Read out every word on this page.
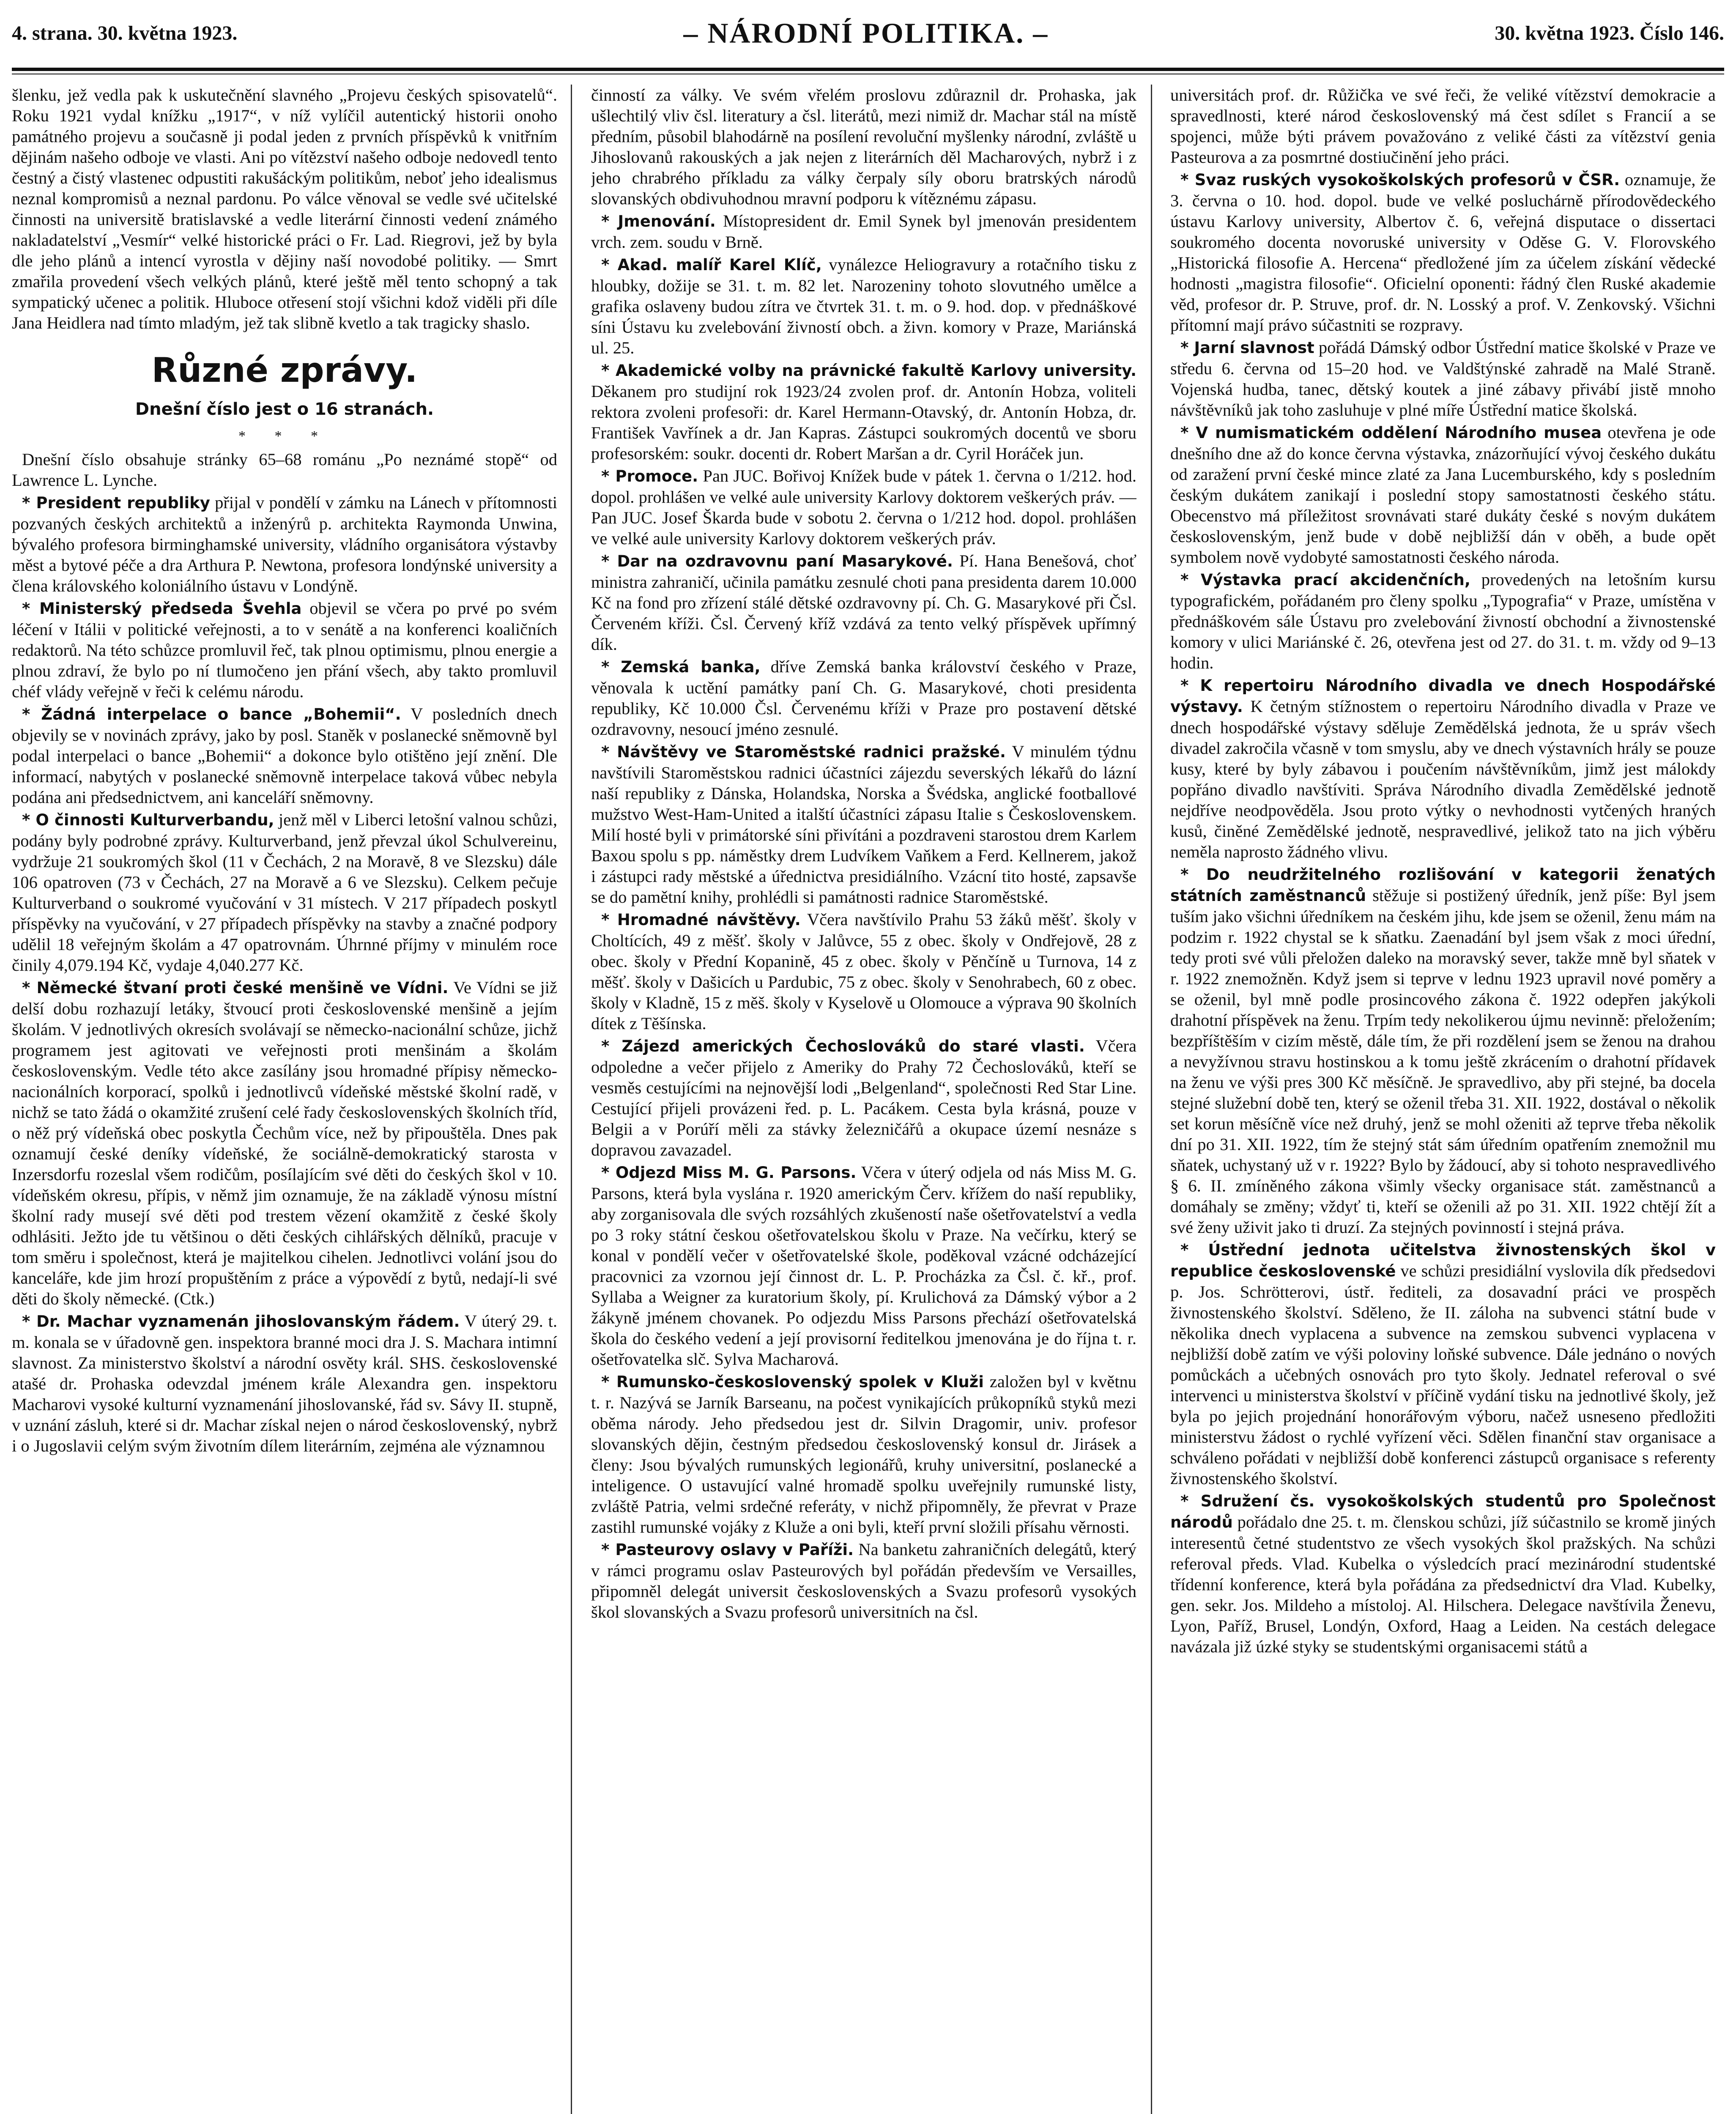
4. strana. 30. května 1923.	– NÁRODNÍ POLITIKA. –	30. května 1923. Číslo 146.

šlenku, jež vedla pak k uskutečnění slavného „Projevu českých spisovatelů“. Roku 1921 vydal knížku „1917“, v níž vylíčil autentický historii onoho památného projevu a současně ji podal jeden z prvních příspěvků k vnitřním dějinám našeho odboje ve vlasti. Ani po vítězství našeho odboje nedovedl tento čestný a čistý vlastenec odpustiti rakušáckým politikům, neboť jeho idealismus neznal kompromisů a neznal pardonu. Po válce věnoval se vedle své učitelské činnosti na universitě bratislavské a vedle literární činnosti vedení známého nakladatelství „Vesmír“ velké historické práci o Fr. Lad. Riegrovi, jež by byla dle jeho plánů a intencí vyrostla v dějiny naší novodobé politiky. — Smrt zmařila provedení všech velkých plánů, které ještě měl tento schopný a tak sympatický učenec a politik. Hluboce otřesení stojí všichni kdož viděli při díle Jana Heidlera nad tímto mladým, jež tak slibně kvetlo a tak tragicky shaslo.

Různé zprávy.
Dnešní číslo jest o 16 stranách.
* * *

Dnešní číslo obsahuje stránky 65–68 románu „Po neznámé stopě“ od Lawrence L. Lynche.

* President republiky přijal v pondělí v zámku na Lánech v přítomnosti pozvaných českých architektů a inženýrů p. architekta Raymonda Unwina, bývalého profesora birminghamské university, vládního organisátora výstavby měst a bytové péče a dra Arthura P. Newtona, profesora londýnské university a člena královského koloniálního ústavu v Londýně.

* Ministerský předseda Švehla objevil se včera po prvé po svém léčení v Itálii v politické veřejnosti, a to v senátě a na konferenci koaličních redaktorů. Na této schůzce promluvil řeč, tak plnou optimismu, plnou energie a plnou zdraví, že bylo po ní tlumočeno jen přání všech, aby takto promluvil chéf vlády veřejně v řeči k celému národu.

* Žádná interpelace o bance „Bohemii“. V posledních dnech objevily se v novinách zprávy, jako by posl. Staněk v poslanecké sněmovně byl podal interpelaci o bance „Bohemii“ a dokonce bylo otištěno její znění. Dle informací, nabytých v poslanecké sněmovně interpelace taková vůbec nebyla podána ani předsednictvem, ani kanceláří sněmovny.

* O činnosti Kulturverbandu, jenž měl v Liberci letošní valnou schůzi, podány byly podrobné zprávy. Kulturverband, jenž převzal úkol Schulvereinu, vydržuje 21 soukromých škol (11 v Čechách, 2 na Moravě, 8 ve Slezsku) dále 106 opatroven (73 v Čechách, 27 na Moravě a 6 ve Slezsku). Celkem pečuje Kulturverband o soukromé vyučování v 31 místech. V 217 případech poskytl příspěvky na vyučování, v 27 případech příspěvky na stavby a značné podpory udělil 18 veřejným školám a 47 opatrovnám. Úhrnné příjmy v minulém roce činily 4,079.194 Kč, vydaje 4,040.277 Kč.

* Německé štvaní proti české menšině ve Vídni. Ve Vídni se již delší dobu rozhazují letáky, štvoucí proti československé menšině a jejím školám. V jednotlivých okresích svolávají se německo-nacionální schůze, jichž programem jest agitovati ve veřejnosti proti menšinám a školám československým. Vedle této akce zasílány jsou hromadné přípisy německo-nacionálních korporací, spolků i jednotlivců vídeňské městské školní radě, v nichž se tato žádá o okamžité zrušení celé řady československých školních tříd, o něž prý vídeňská obec poskytla Čechům více, než by připouštěla. Dnes pak oznamují české deníky vídeňské, že sociálně-demokratický starosta v Inzersdorfu rozeslal všem rodičům, posílajícím své děti do českých škol v 10. vídeňském okresu, přípis, v němž jim oznamuje, že na základě výnosu místní školní rady musejí své děti pod trestem vězení okamžitě z české školy odhlásiti. Ježto jde tu většinou o děti českých cihlářských dělníků, pracuje v tom směru i společnost, která je majitelkou cihelen. Jednotlivci volání jsou do kanceláře, kde jim hrozí propuštěním z práce a výpovědí z bytů, nedají-li své děti do školy německé. (Ctk.)

* Dr. Machar vyznamenán jihoslovanským řádem. V úterý 29. t. m. konala se v úřadovně gen. inspektora branné moci dra J. S. Machara intimní slavnost. Za ministerstvo školství a národní osvěty král. SHS. československé atašé dr. Prohaska odevzdal jménem krále Alexandra gen. inspektoru Macharovi vysoké kulturní vyznamenání jihoslovanské, řád sv. Sávy II. stupně, v uznání zásluh, které si dr. Machar získal nejen o národ československý, nybrž i o Jugoslavii celým svým životním dílem literárním, zejména ale významnou

činností za války. Ve svém vřelém proslovu zdůraznil dr. Prohaska, jak ušlechtilý vliv čsl. literatury a čsl. literátů, mezi nimiž dr. Machar stál na místě předním, působil blahodárně na posílení revoluční myšlenky národní, zvláště u Jihoslovanů rakouských a jak nejen z literárních děl Macharových, nybrž i z jeho chrabrého příkladu za války čerpaly síly oboru bratrských národů slovanských obdivuhodnou mravní podporu k vítěznému zápasu.

* Jmenování. Místopresident dr. Emil Synek byl jmenován presidentem vrch. zem. soudu v Brně.

* Akad. malíř Karel Klíč, vynálezce Heliogravury a rotačního tisku z hloubky, dožije se 31. t. m. 82 let. Narozeniny tohoto slovutného umělce a grafika oslaveny budou zítra ve čtvrtek 31. t. m. o 9. hod. dop. v přednáškové síni Ústavu ku zvelebování živností obch. a živn. komory v Praze, Mariánská ul. 25.

* Akademické volby na právnické fakultě Karlovy university. Děkanem pro studijní rok 1923/24 zvolen prof. dr. Antonín Hobza, voliteli rektora zvoleni profesoři: dr. Karel Hermann-Otavský, dr. Antonín Hobza, dr. František Vavřínek a dr. Jan Kapras. Zástupci soukromých docentů ve sboru profesorském: soukr. docenti dr. Robert Maršan a dr. Cyril Horáček jun.

* Promoce. Pan JUC. Bořivoj Knížek bude v pátek 1. června o 1/212. hod. dopol. prohlášen ve velké aule university Karlovy doktorem veškerých práv. — Pan JUC. Josef Škarda bude v sobotu 2. června o 1/212 hod. dopol. prohlášen ve velké aule university Karlovy doktorem veškerých práv.

* Dar na ozdravovnu paní Masarykové. Pí. Hana Benešová, choť ministra zahraničí, učinila památku zesnulé choti pana presidenta darem 10.000 Kč na fond pro zřízení stálé dětské ozdravovny pí. Ch. G. Masarykové při Čsl. Červeném kříži. Čsl. Červený kříž vzdává za tento velký příspěvek upřímný dík.

* Zemská banka, dříve Zemská banka království českého v Praze, věnovala k uctění památky paní Ch. G. Masarykové, choti presidenta republiky, Kč 10.000 Čsl. Červenému kříži v Praze pro postavení dětské ozdravovny, nesoucí jméno zesnulé.

* Návštěvy ve Staroměstské radnici pražské. V minulém týdnu navštívili Staroměstskou radnici účastníci zájezdu severských lékařů do lázní naší republiky z Dánska, Holandska, Norska a Švédska, anglické footballové mužstvo West-Ham-United a italští účastníci zápasu Italie s Československem. Milí hosté byli v primátorské síni přivítáni a pozdraveni starostou drem Karlem Baxou spolu s pp. náměstky drem Ludvíkem Vaňkem a Ferd. Kellnerem, jakož i zástupci rady městské a úřednictva presidiálního. Vzácní tito hosté, zapsavše se do pamětní knihy, prohlédli si památnosti radnice Staroměstské.

* Hromadné návštěvy. Včera navštívilo Prahu 53 žáků měšť. školy v Choltících, 49 z měšť. školy v Jalůvce, 55 z obec. školy v Ondřejově, 28 z obec. školy v Přední Kopanině, 45 z obec. školy v Pěnčíně u Turnova, 14 z měšť. školy v Dašicích u Pardubic, 75 z obec. školy v Senohrabech, 60 z obec. školy v Kladně, 15 z měš. školy v Kyselově u Olomouce a výprava 90 školních dítek z Těšínska.

* Zájezd amerických Čechoslováků do staré vlasti. Včera odpoledne a večer přijelo z Ameriky do Prahy 72 Čechoslováků, kteří se vesměs cestujícími na nejnovější lodi „Belgenland“, společnosti Red Star Line. Cestující přijeli provázeni řed. p. L. Pacákem. Cesta byla krásná, pouze v Belgii a v Porúří měli za stávky železničářů a okupace území nesnáze s dopravou zavazadel.

* Odjezd Miss M. G. Parsons. Včera v úterý odjela od nás Miss M. G. Parsons, která byla vyslána r. 1920 americkým Červ. křížem do naší republiky, aby zorganisovala dle svých rozsáhlých zkušeností naše ošetřovatelství a vedla po 3 roky státní českou ošetřovatelskou školu v Praze. Na večírku, který se konal v pondělí večer v ošetřovatelské škole, poděkoval vzácné odcházející pracovnici za vzornou její činnost dr. L. P. Procházka za Čsl. č. kř., prof. Syllaba a Weigner za kuratorium školy, pí. Krulichová za Dámský výbor a 2 žákyně jménem chovanek. Po odjezdu Miss Parsons přechází ošetřovatelská škola do českého vedení a její provisorní ředitelkou jmenována je do října t. r. ošetřovatelka slč. Sylva Macharová.

* Rumunsko-československý spolek v Kluži založen byl v květnu t. r. Nazývá se Jarník Barseanu, na počest vynikajících průkopníků styků mezi oběma národy. Jeho předsedou jest dr. Silvin Dragomir, univ. profesor slovanských dějin, čestným předsedou československý konsul dr. Jirásek a členy: Jsou bývalých rumunských legionářů, kruhy universitní, poslanecké a inteligence. O ustavující valné hromadě spolku uveřejnily rumunské listy, zvláště Patria, velmi srdečné referáty, v nichž připomněly, že převrat v Praze zastihl rumunské vojáky z Kluže a oni byli, kteří první složili přísahu věrnosti.

* Pasteurovy oslavy v Paříži. Na banketu zahraničních delegátů, který v rámci programu oslav Pasteurových byl pořádán především ve Versailles, připomněl delegát universit československých a Svazu profesorů vysokých škol slovanských a Svazu profesorů universitních na čsl.

universitách prof. dr. Růžička ve své řeči, že veliké vítězství demokracie a spravedlnosti, které národ československý má čest sdílet s Francií a se spojenci, může býti právem považováno z veliké části za vítězství genia Pasteurova a za posmrtné dostiučinění jeho práci.

* Svaz ruských vysokoškolských profesorů v ČSR. oznamuje, že 3. června o 10. hod. dopol. bude ve velké posluchárně přírodovědeckého ústavu Karlovy university, Albertov č. 6, veřejná disputace o dissertaci soukromého docenta novoruské university v Oděse G. V. Florovského „Historická filosofie A. Hercena“ předložené jím za účelem získání vědecké hodnosti „magistra filosofie“. Oficielní oponenti: řádný člen Ruské akademie věd, profesor dr. P. Struve, prof. dr. N. Losský a prof. V. Zenkovský. Všichni přítomní mají právo súčastniti se rozpravy.

* Jarní slavnost pořádá Dámský odbor Ústřední matice školské v Praze ve středu 6. června od 15–20 hod. ve Valdštýnské zahradě na Malé Straně. Vojenská hudba, tanec, dětský koutek a jiné zábavy přivábí jistě mnoho návštěvníků jak toho zasluhuje v plné míře Ústřední matice školská.

* V numismatickém oddělení Národního musea otevřena je ode dnešního dne až do konce června výstavka, znázorňující vývoj českého dukátu od zaražení první české mince zlaté za Jana Lucemburského, kdy s posledním českým dukátem zanikají i poslední stopy samostatnosti českého státu. Obecenstvo má příležitost srovnávati staré dukáty české s novým dukátem československým, jenž bude v době nejbližší dán v oběh, a bude opět symbolem nově vydobyté samostatnosti českého národa.

* Výstavka prací akcidenčních, provedených na letošním kursu typografickém, pořádaném pro členy spolku „Typografia“ v Praze, umístěna v přednáškovém sále Ústavu pro zvelebování živností obchodní a živnostenské komory v ulici Mariánské č. 26, otevřena jest od 27. do 31. t. m. vždy od 9–13 hodin.

* K repertoiru Národního divadla ve dnech Hospodářské výstavy. K četným stížnostem o repertoiru Národního divadla v Praze ve dnech hospodářské výstavy sděluje Zemědělská jednota, že u správ všech divadel zakročila včasně v tom smyslu, aby ve dnech výstavních hrály se pouze kusy, které by byly zábavou i poučením návštěvníkům, jimž jest málokdy popřáno divadlo navštíviti. Správa Národního divadla Zemědělské jednotě nejdříve neodpověděla. Jsou proto výtky o nevhodnosti vytčených hraných kusů, činěné Zemědělské jednotě, nespravedlivé, jelikož tato na jich výběru neměla naprosto žádného vlivu.

* Do neudržitelného rozlišování v kategorii ženatých státních zaměstnanců stěžuje si postižený úředník, jenž píše: Byl jsem tuším jako všichni úředníkem na českém jihu, kde jsem se oženil, ženu mám na podzim r. 1922 chystal se k sňatku. Zaenadání byl jsem však z moci úřední, tedy proti své vůli přeložen daleko na moravský sever, takže mně byl sňatek v r. 1922 znemožněn. Když jsem si teprve v lednu 1923 upravil nové poměry a se oženil, byl mně podle prosincového zákona č. 1922 odepřen jakýkoli drahotní příspěvek na ženu. Trpím tedy nekolikerou újmu nevinně: přeložením; bezpříštěším v cizím městě, dále tím, že při rozdělení jsem se ženou na drahou a nevyžívnou stravu hostinskou a k tomu ještě zkrácením o drahotní přídavek na ženu ve výši pres 300 Kč měsíčně. Je spravedlivo, aby při stejné, ba docela stejné služební době ten, který se oženil třeba 31. XII. 1922, dostával o několik set korun měsíčně více než druhý, jenž se mohl oženiti až teprve třeba několik dní po 31. XII. 1922, tím že stejný stát sám úředním opatřením znemožnil mu sňatek, uchystaný už v r. 1922? Bylo by žádoucí, aby si tohoto nespravedlivého § 6. II. zmíněného zákona všimly všecky organisace stát. zaměstnanců a domáhaly se změny; vždyť ti, kteří se oženili až po 31. XII. 1922 chtějí žít a své ženy uživit jako ti druzí. Za stejných povinností i stejná práva.

* Ústřední jednota učitelstva živnostenských škol v republice československé ve schůzi presidiální vyslovila dík předsedovi p. Jos. Schrötterovi, ústř. řediteli, za dosavadní práci ve prospěch živnostenského školství. Sděleno, že II. záloha na subvenci státní bude v několika dnech vyplacena a subvence na zemskou subvenci vyplacena v nejbližší době zatím ve výši poloviny loňské subvence. Dále jednáno o nových pomůckách a učebných osnovách pro tyto školy. Jednatel referoval o své intervenci u ministerstva školství v příčině vydání tisku na jednotlivé školy, jež byla po jejich projednání honorářovým výboru, načež usneseno předložiti ministerstvu žádost o rychlé vyřízení věci. Sdělen finanční stav organisace a schváleno pořádati v nejbližší době konferenci zástupců organisace s referenty živnostenského školství.

* Sdružení čs. vysokoškolských studentů pro Společnost národů pořádalo dne 25. t. m. členskou schůzi, jíž súčastnilo se kromě jiných interesentů četné studentstvo ze všech vysokých škol pražských. Na schůzi referoval předs. Vlad. Kubelka o výsledcích prací mezinárodní studentské třídenní konference, která byla pořádána za předsednictví dra Vlad. Kubelky, gen. sekr. Jos. Mildeho a místoloj. Al. Hilschera. Delegace navštívila Ženevu, Lyon, Paříž, Brusel, Londýn, Oxford, Haag a Leiden. Na cestách delegace navázala již úzké styky se studentskými organisacemi států a
